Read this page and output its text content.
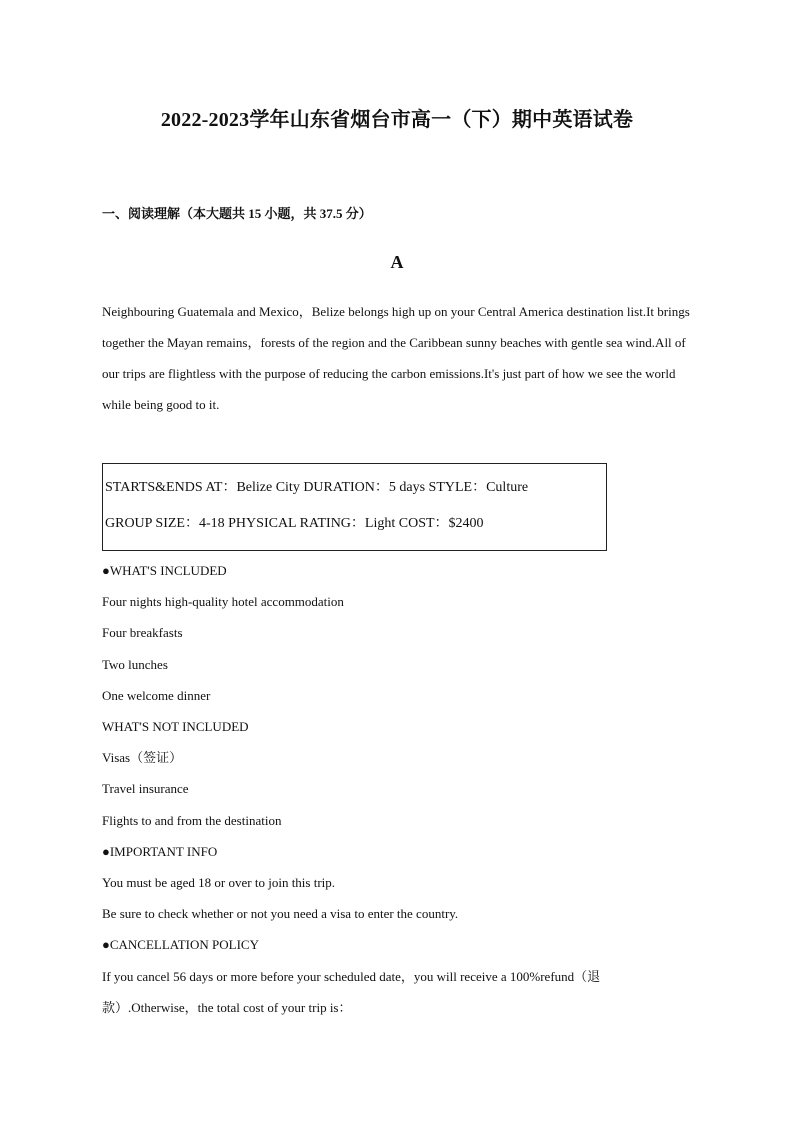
2022-2023学年山东省烟台市高一（下）期中英语试卷
一、阅读理解（本大题共 15 小题，共 37.5 分）
A

Neighbouring Guatemala and Mexico，Belize belongs high up on your Central America destination list.It brings together the Mayan remains，forests of the region and the Caribbean sunny beaches with gentle sea wind.All of our trips are flightless with the purpose of reducing the carbon emissions.It's just part of how we see the world while being good to it.

STARTS&ENDS AT：Belize City DURATION：5 days STYLE：Culture
GROUP SIZE：4-18 PHYSICAL RATING：Light COST：$2400
●WHAT'S INCLUDED
Four nights high-quality hotel accommodation
Four breakfasts
Two lunches
One welcome dinner
WHAT'S NOT INCLUDED
Visas（签证）
Travel insurance
Flights to and from the destination
●IMPORTANT INFO
You must be aged 18 or over to join this trip.
Be sure to check whether or not you need a visa to enter the country.
●CANCELLATION POLICY
If you cancel 56 days or more before your scheduled date，you will receive a 100%refund（退款）.Otherwise，the total cost of your trip is：
